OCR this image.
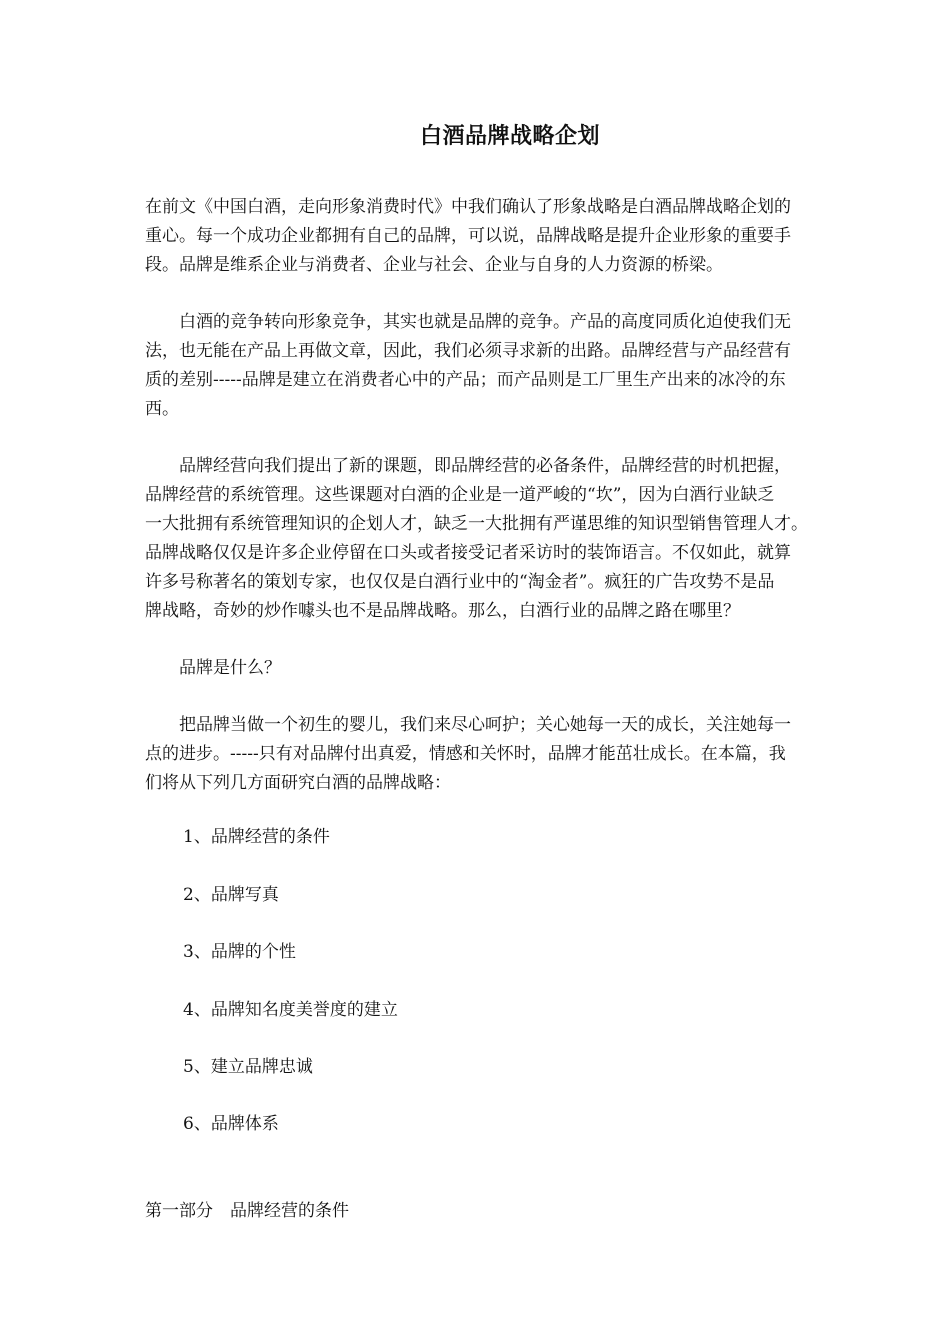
白酒品牌战略企划

在前文《中国白酒，走向形象消费时代》中我们确认了形象战略是白酒品牌战略企划的
重心。每一个成功企业都拥有自己的品牌，可以说，品牌战略是提升企业形象的重要手
段。品牌是维系企业与消费者、企业与社会、企业与自身的人力资源的桥梁。

　　白酒的竞争转向形象竞争，其实也就是品牌的竞争。产品的高度同质化迫使我们无
法，也无能在产品上再做文章，因此，我们必须寻求新的出路。品牌经营与产品经营有
质的差别-----品牌是建立在消费者心中的产品；而产品则是工厂里生产出来的冰冷的东
西。

　　品牌经营向我们提出了新的课题，即品牌经营的必备条件，品牌经营的时机把握，
品牌经营的系统管理。这些课题对白酒的企业是一道严峻的“坎”，因为白酒行业缺乏
一大批拥有系统管理知识的企划人才，缺乏一大批拥有严谨思维的知识型销售管理人才。
品牌战略仅仅是许多企业停留在口头或者接受记者采访时的装饰语言。不仅如此，就算
许多号称著名的策划专家，也仅仅是白酒行业中的“淘金者”。疯狂的广告攻势不是品
牌战略，奇妙的炒作噱头也不是品牌战略。那么，白酒行业的品牌之路在哪里？

　　品牌是什么？

　　把品牌当做一个初生的婴儿，我们来尽心呵护；关心她每一天的成长，关注她每一
点的进步。-----只有对品牌付出真爱，情感和关怀时，品牌才能茁壮成长。在本篇，我
们将从下列几方面研究白酒的品牌战略：

1、品牌经营的条件
2、品牌写真
3、品牌的个性
4、品牌知名度美誉度的建立
5、建立品牌忠诚
6、品牌体系
第一部分　品牌经营的条件
